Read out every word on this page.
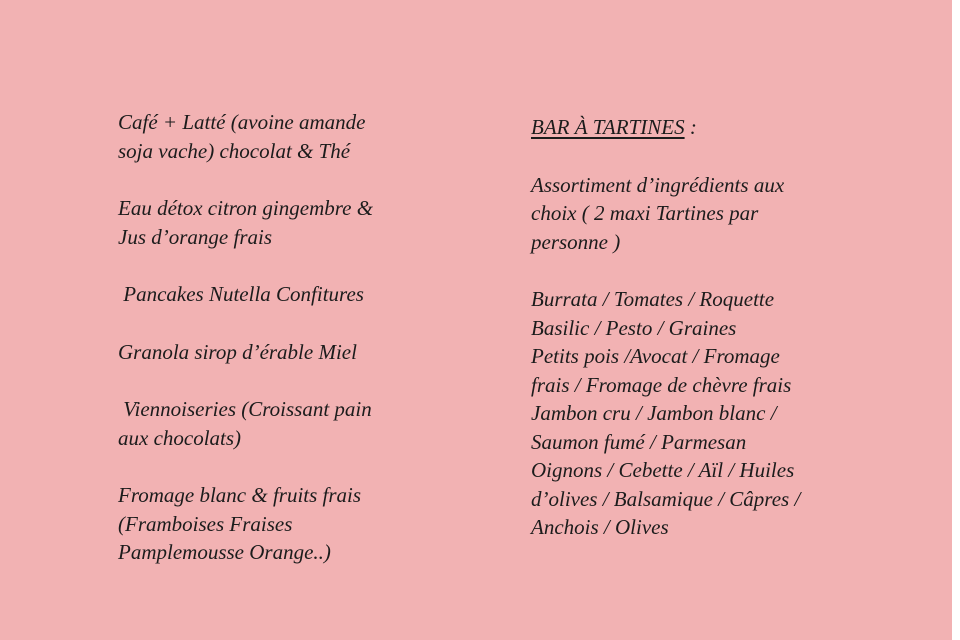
Café + Latté (avoine amande
soja vache) chocolat & Thé
Eau détox citron gingembre &
Jus d’orange frais
Pancakes Nutella Confitures
Granola sirop d’érable Miel
Viennoiseries (Croissant pain
aux chocolats)
Fromage blanc & fruits frais
(Framboises Fraises
Pamplemousse Orange..)
BAR À TARTINES :
Assortiment d’ingrédients aux
choix ( 2 maxi Tartines par
personne )
Burrata / Tomates / Roquette
Basilic / Pesto / Graines
Petits pois /Avocat / Fromage
frais / Fromage de chèvre frais
Jambon cru / Jambon blanc /
Saumon fumé / Parmesan
Oignons / Cebette / Aïl / Huiles
d’olives / Balsamique / Câpres /
Anchois / Olives
